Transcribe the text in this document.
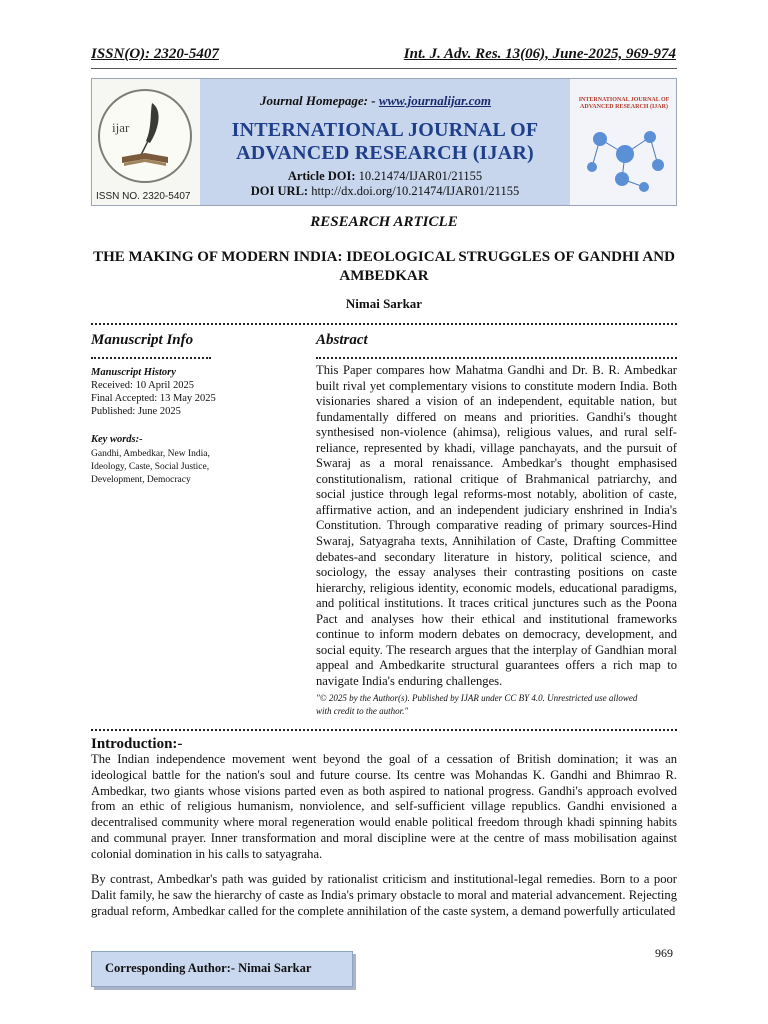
ISSN(O): 2320-5407	Int. J. Adv. Res. 13(06), June-2025, 969-974
ijar
ISSN NO. 2320-5407
Journal Homepage: - www.journalijar.com
INTERNATIONAL JOURNAL OF
ADVANCED RESEARCH (IJAR)
Article DOI: 10.21474/IJAR01/21155
DOI URL: http://dx.doi.org/10.21474/IJAR01/21155
INTERNATIONAL JOURNAL OF ADVANCED RESEARCH (IJAR)
RESEARCH ARTICLE
THE MAKING OF MODERN INDIA: IDEOLOGICAL STRUGGLES OF GANDHI AND AMBEDKAR
Nimai Sarkar
Manuscript Info	Abstract
Manuscript History
Received: 10 April 2025
Final Accepted: 13 May 2025
Published: June 2025
Key words:-
Gandhi, Ambedkar, New India, Ideology, Caste, Social Justice, Development, Democracy

This Paper compares how Mahatma Gandhi and Dr. B. R. Ambedkar built rival yet complementary visions to constitute modern India. Both visionaries shared a vision of an independent, equitable nation, but fundamentally differed on means and priorities. Gandhi's thought synthesised non-violence (ahimsa), religious values, and rural self-reliance, represented by khadi, village panchayats, and the pursuit of Swaraj as a moral renaissance. Ambedkar's thought emphasised constitutionalism, rational critique of Brahmanical patriarchy, and social justice through legal reforms-most notably, abolition of caste, affirmative action, and an independent judiciary enshrined in India's Constitution. Through comparative reading of primary sources-Hind Swaraj, Satyagraha texts, Annihilation of Caste, Drafting Committee debates-and secondary literature in history, political science, and sociology, the essay analyses their contrasting positions on caste hierarchy, religious identity, economic models, educational paradigms, and political institutions. It traces critical junctures such as the Poona Pact and analyses how their ethical and institutional frameworks continue to inform modern debates on democracy, development, and social equity. The research argues that the interplay of Gandhian moral appeal and Ambedkarite structural guarantees offers a rich map to navigate India's enduring challenges.

"© 2025 by the Author(s). Published by IJAR under CC BY 4.0. Unrestricted use allowed
with credit to the author."
Introduction:-

The Indian independence movement went beyond the goal of a cessation of British domination; it was an ideological battle for the nation's soul and future course. Its centre was Mohandas K. Gandhi and Bhimrao R. Ambedkar, two giants whose visions parted even as both aspired to national progress. Gandhi's approach evolved from an ethic of religious humanism, nonviolence, and self-sufficient village republics. Gandhi envisioned a decentralised community where moral regeneration would enable political freedom through khadi spinning habits and communal prayer. Inner transformation and moral discipline were at the centre of mass mobilisation against colonial domination in his calls to satyagraha.

By contrast, Ambedkar's path was guided by rationalist criticism and institutional-legal remedies. Born to a poor Dalit family, he saw the hierarchy of caste as India's primary obstacle to moral and material advancement. Rejecting gradual reform, Ambedkar called for the complete annihilation of the caste system, a demand powerfully articulated

969
Corresponding Author:- Nimai Sarkar
